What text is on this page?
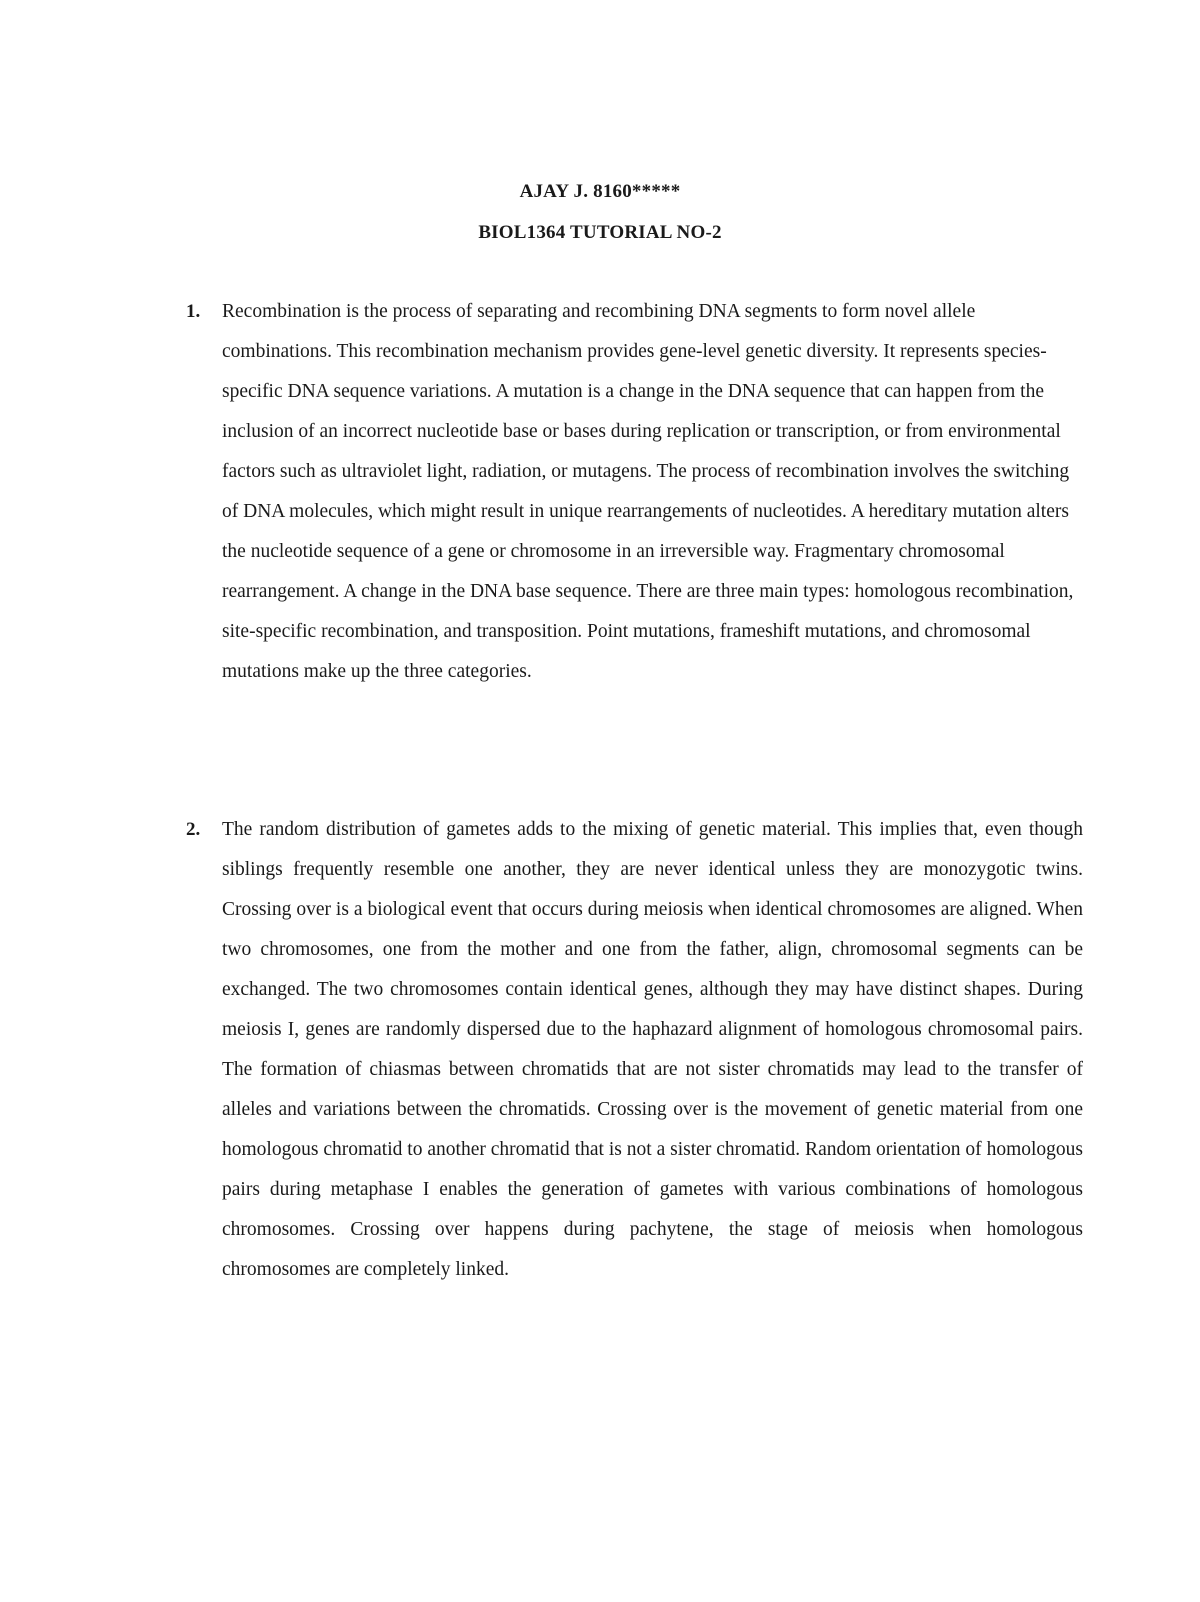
AJAY J. 8160*****
BIOL1364 TUTORIAL NO-2
1. Recombination is the process of separating and recombining DNA segments to form novel allele combinations. This recombination mechanism provides gene-level genetic diversity. It represents species-specific DNA sequence variations. A mutation is a change in the DNA sequence that can happen from the inclusion of an incorrect nucleotide base or bases during replication or transcription, or from environmental factors such as ultraviolet light, radiation, or mutagens. The process of recombination involves the switching of DNA molecules, which might result in unique rearrangements of nucleotides. A hereditary mutation alters the nucleotide sequence of a gene or chromosome in an irreversible way. Fragmentary chromosomal rearrangement. A change in the DNA base sequence. There are three main types: homologous recombination, site-specific recombination, and transposition. Point mutations, frameshift mutations, and chromosomal mutations make up the three categories.

2. The random distribution of gametes adds to the mixing of genetic material. This implies that, even though siblings frequently resemble one another, they are never identical unless they are monozygotic twins. Crossing over is a biological event that occurs during meiosis when identical chromosomes are aligned. When two chromosomes, one from the mother and one from the father, align, chromosomal segments can be exchanged. The two chromosomes contain identical genes, although they may have distinct shapes. During meiosis I, genes are randomly dispersed due to the haphazard alignment of homologous chromosomal pairs. The formation of chiasmas between chromatids that are not sister chromatids may lead to the transfer of alleles and variations between the chromatids. Crossing over is the movement of genetic material from one homologous chromatid to another chromatid that is not a sister chromatid. Random orientation of homologous pairs during metaphase I enables the generation of gametes with various combinations of homologous chromosomes. Crossing over happens during pachytene, the stage of meiosis when homologous chromosomes are completely linked.
